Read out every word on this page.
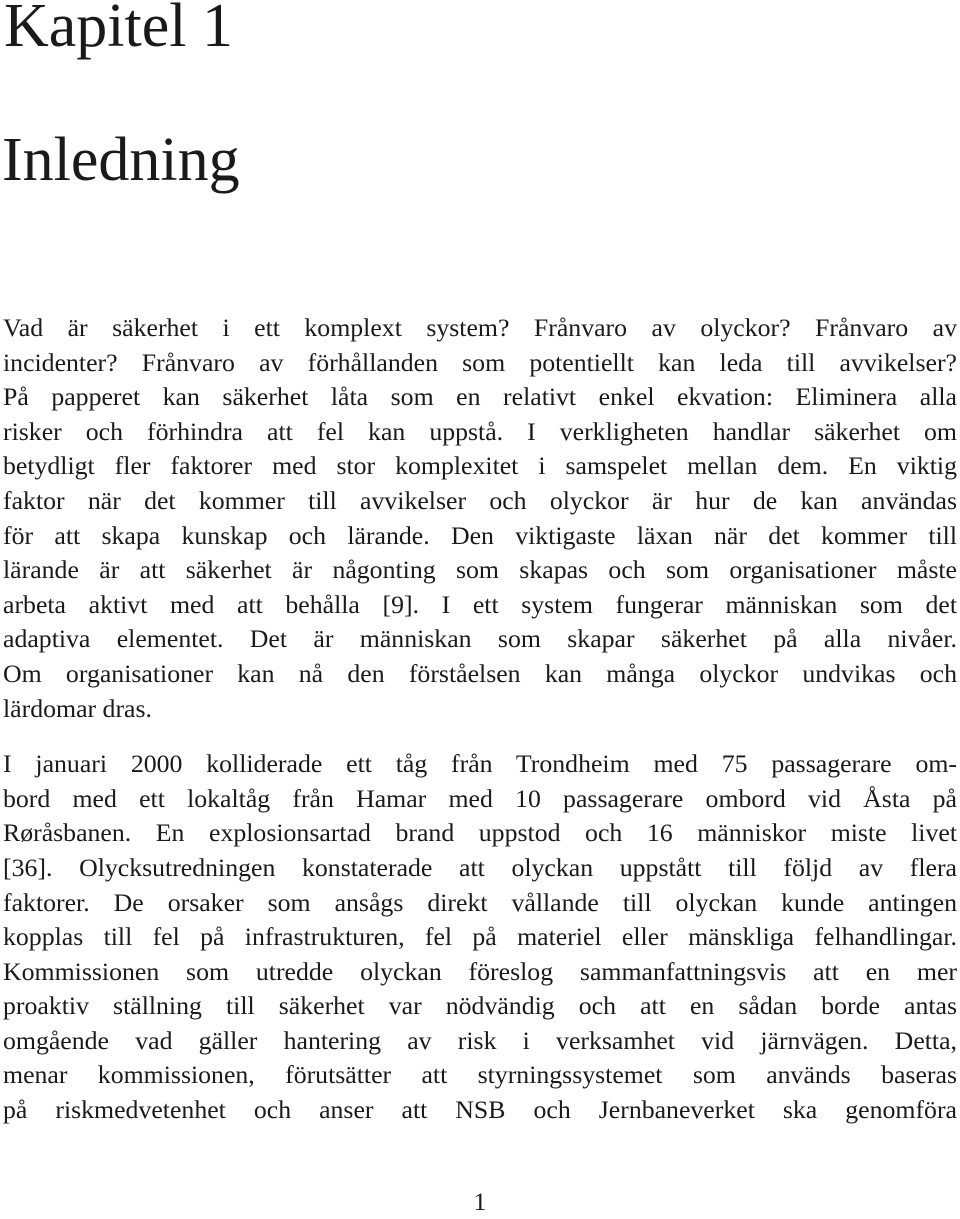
Kapitel 1
Inledning

Vad är säkerhet i ett komplext system? Frånvaro av olyckor? Frånvaro av
incidenter? Frånvaro av förhållanden som potentiellt kan leda till avvikelser?
På papperet kan säkerhet låta som en relativt enkel ekvation: Eliminera alla
risker och förhindra att fel kan uppstå. I verkligheten handlar säkerhet om
betydligt fler faktorer med stor komplexitet i samspelet mellan dem. En viktig
faktor när det kommer till avvikelser och olyckor är hur de kan användas
för att skapa kunskap och lärande. Den viktigaste läxan när det kommer till
lärande är att säkerhet är någonting som skapas och som organisationer måste
arbeta aktivt med att behålla [9]. I ett system fungerar människan som det
adaptiva elementet. Det är människan som skapar säkerhet på alla nivåer.
Om organisationer kan nå den förståelsen kan många olyckor undvikas och
lärdomar dras.

I januari 2000 kolliderade ett tåg från Trondheim med 75 passagerare om-
bord med ett lokaltåg från Hamar med 10 passagerare ombord vid Åsta på
Røråsbanen. En explosionsartad brand uppstod och 16 människor miste livet
[36]. Olycksutredningen konstaterade att olyckan uppstått till följd av flera
faktorer. De orsaker som ansågs direkt vållande till olyckan kunde antingen
kopplas till fel på infrastrukturen, fel på materiel eller mänskliga felhandlingar.
Kommissionen som utredde olyckan föreslog sammanfattningsvis att en mer
proaktiv ställning till säkerhet var nödvändig och att en sådan borde antas
omgående vad gäller hantering av risk i verksamhet vid järnvägen. Detta,
menar kommissionen, förutsätter att styrningssystemet som används baseras
på riskmedvetenhet och anser att NSB och Jernbaneverket ska genomföra

1
